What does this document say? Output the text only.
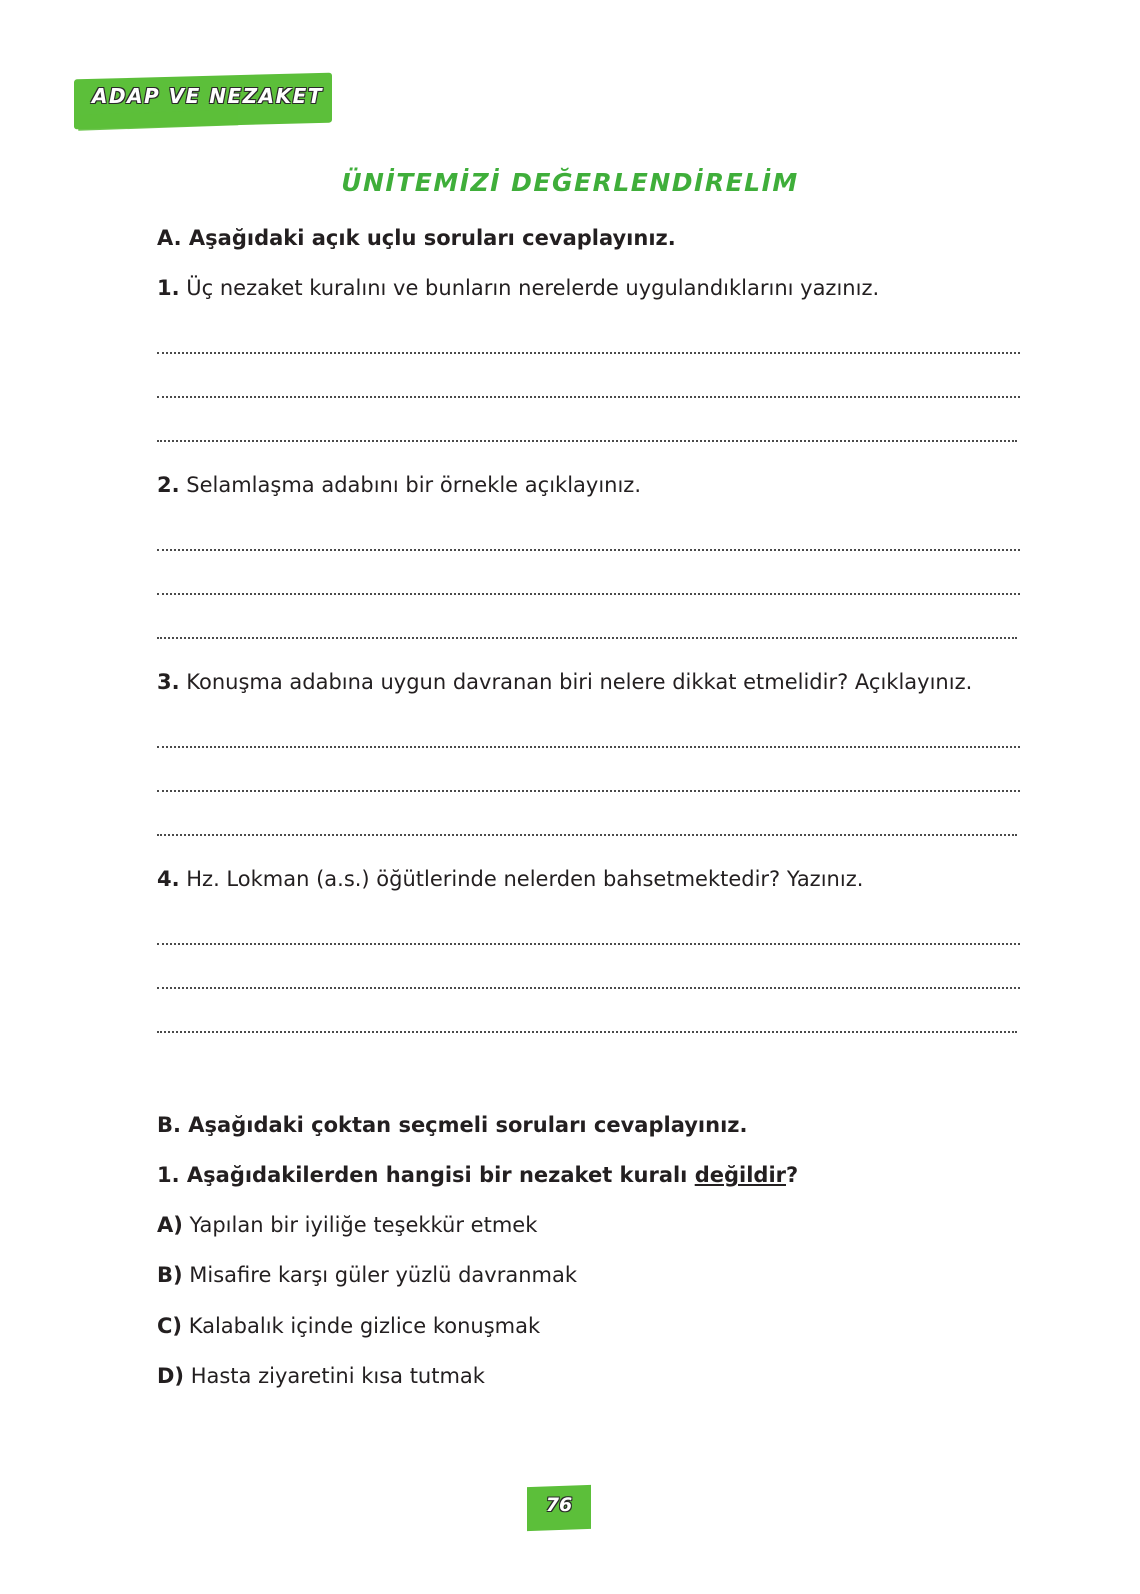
ADAP VE NEZAKET
ÜNİTEMİZİ DEĞERLENDİRELİM
A. Aşağıdaki açık uçlu soruları cevaplayınız.
1. Üç nezaket kuralını ve bunların nerelerde uygulandıklarını yazınız.
2. Selamlaşma adabını bir örnekle açıklayınız.
3. Konuşma adabına uygun davranan biri nelere dikkat etmelidir? Açıklayınız.
4. Hz. Lokman (a.s.) öğütlerinde nelerden bahsetmektedir? Yazınız.
B. Aşağıdaki çoktan seçmeli soruları cevaplayınız.
1. Aşağıdakilerden hangisi bir nezaket kuralı değildir?
A) Yapılan bir iyiliğe teşekkür etmek
B) Misafire karşı güler yüzlü davranmak
C) Kalabalık içinde gizlice konuşmak
D) Hasta ziyaretini kısa tutmak
76
